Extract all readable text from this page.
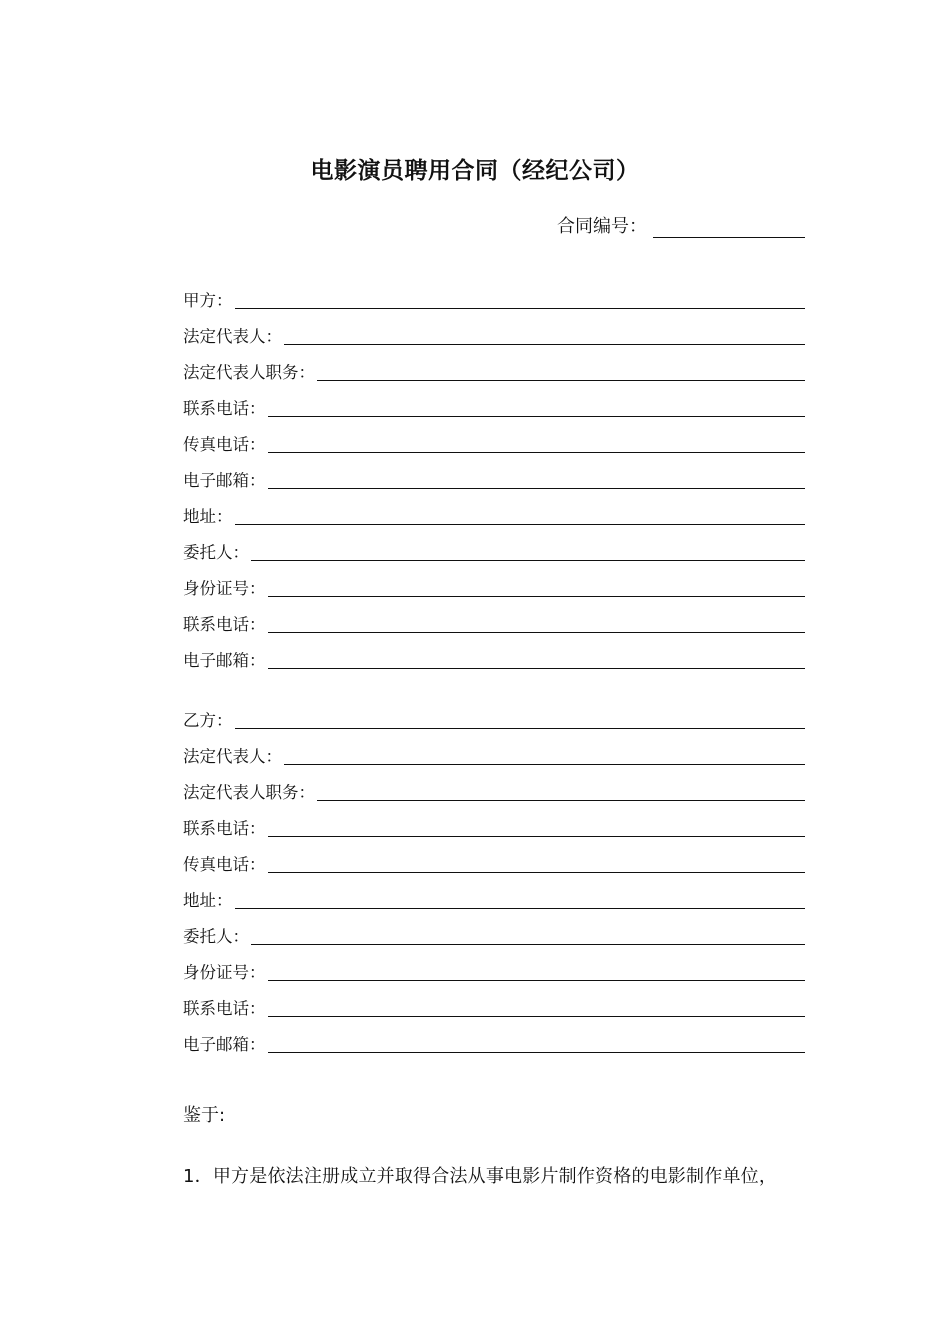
电影演员聘用合同（经纪公司）
合同编号：
甲方：
法定代表人：
法定代表人职务：
联系电话：
传真电话：
电子邮箱：
地址：
委托人：
身份证号：
联系电话：
电子邮箱：
乙方：
法定代表人：
法定代表人职务：
联系电话：
传真电话：
地址：
委托人：
身份证号：
联系电话：
电子邮箱：
鉴于:
1．甲方是依法注册成立并取得合法从事电影片制作资格的电影制作单位，
